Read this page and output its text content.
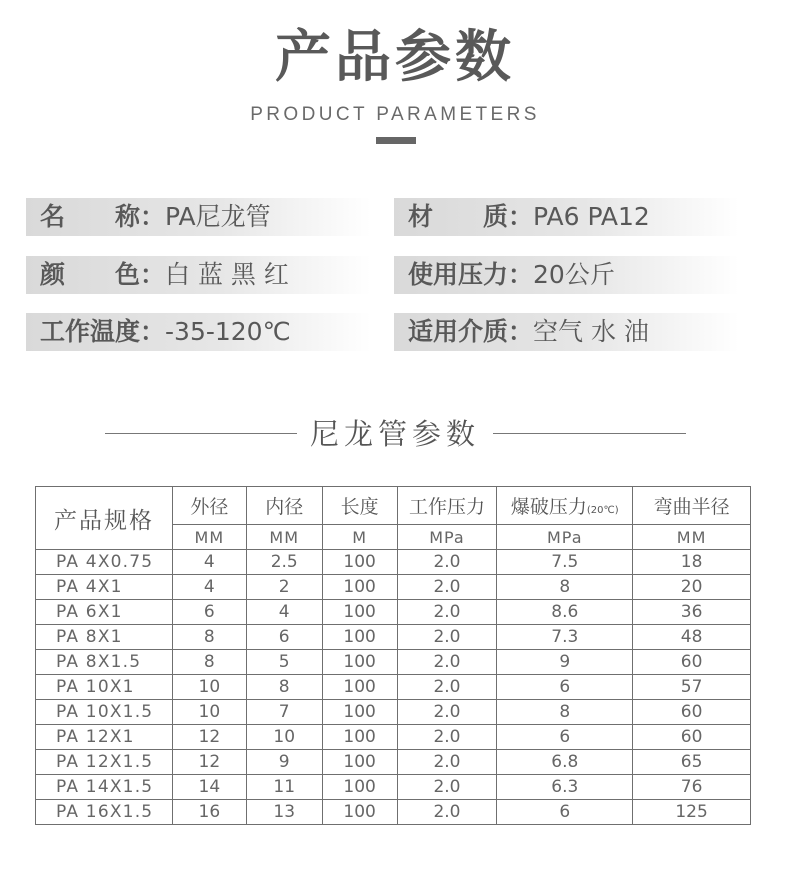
产品参数
PRODUCT PARAMETERS
名　　称：PA尼龙管	材　　质：PA6 PA12
颜　　色：白 蓝 黑 红	使用压力：20公斤
工作温度：-35-120℃	适用介质：空气 水 油
尼龙管参数
产品规格	外径	内径	长度	工作压力	爆破压力(20℃)	弯曲半径
	MM	MM	M	MPa	MPa	MM
PA 4X0.75	4	2.5	100	2.0	7.5	18
PA 4X1	4	2	100	2.0	8	20
PA 6X1	6	4	100	2.0	8.6	36
PA 8X1	8	6	100	2.0	7.3	48
PA 8X1.5	8	5	100	2.0	9	60
PA 10X1	10	8	100	2.0	6	57
PA 10X1.5	10	7	100	2.0	8	60
PA 12X1	12	10	100	2.0	6	60
PA 12X1.5	12	9	100	2.0	6.8	65
PA 14X1.5	14	11	100	2.0	6.3	76
PA 16X1.5	16	13	100	2.0	6	125
